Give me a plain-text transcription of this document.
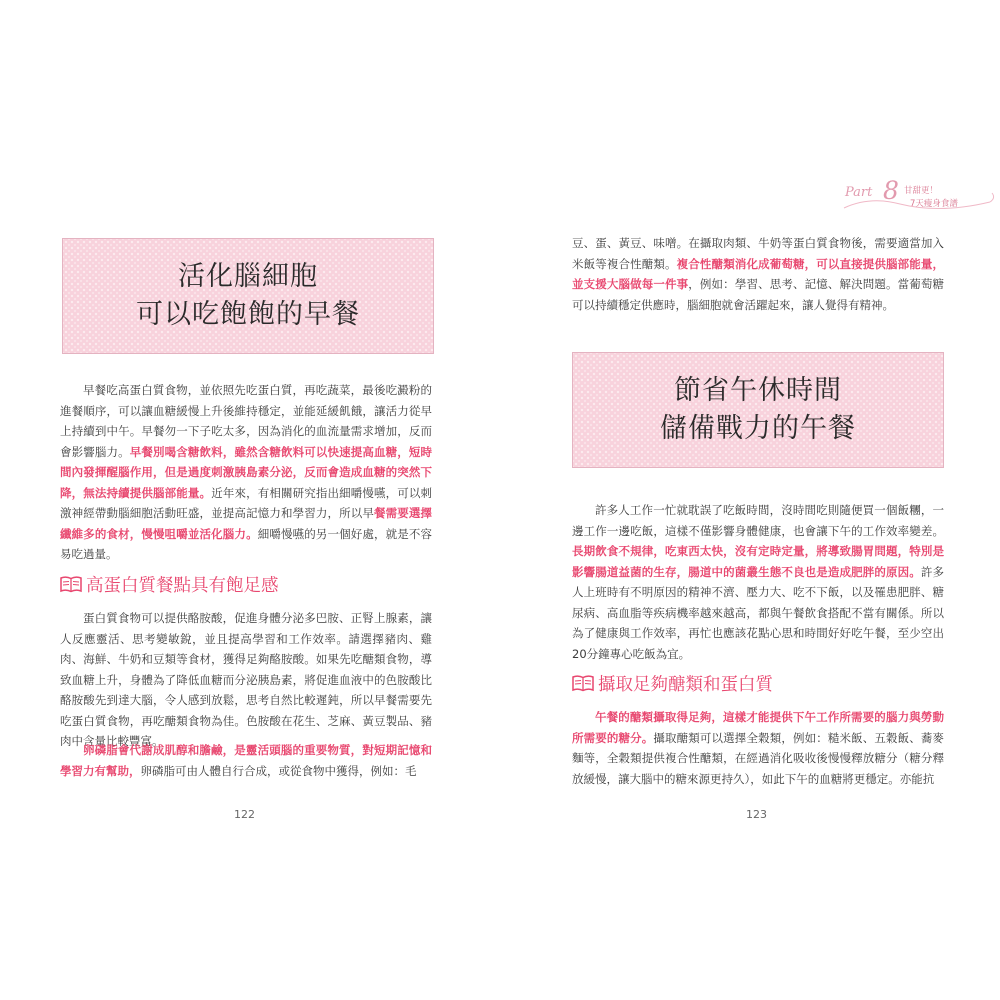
活化腦細胞
可以吃飽飽的早餐
早餐吃高蛋白質食物，並依照先吃蛋白質，再吃蔬菜，最後吃澱粉的進餐順序，可以讓血糖緩慢上升後維持穩定，並能延緩飢餓，讓活力從早上持續到中午。早餐勿一下子吃太多，因為消化的血流量需求增加，反而會影響腦力。早餐別喝含糖飲料，雖然含糖飲料可以快速提高血糖，短時間內發揮醒腦作用，但是過度刺激胰島素分泌，反而會造成血糖的突然下降，無法持續提供腦部能量。近年來，有相關研究指出細嚼慢嚥，可以刺激神經帶動腦細胞活動旺盛，並提高記憶力和學習力，所以早餐需要選擇纖維多的食材，慢慢咀嚼並活化腦力。細嚼慢嚥的另一個好處，就是不容易吃過量。
高蛋白質餐點具有飽足感
蛋白質食物可以提供酪胺酸，促進身體分泌多巴胺、正腎上腺素，讓人反應靈活、思考變敏銳，並且提高學習和工作效率。請選擇豬肉、雞肉、海鮮、牛奶和豆類等食材，獲得足夠酪胺酸。如果先吃醣類食物，導致血糖上升，身體為了降低血糖而分泌胰島素，將促進血液中的色胺酸比酪胺酸先到達大腦，令人感到放鬆，思考自然比較遲鈍，所以早餐需要先吃蛋白質食物，再吃醣類食物為佳。色胺酸在花生、芝麻、黃豆製品、豬肉中含量比較豐富。
卵磷脂會代謝成肌醇和膽鹼，是靈活頭腦的重要物質，對短期記憶和學習力有幫助，卵磷脂可由人體自行合成，或從食物中獲得，例如：毛
122
Part 8 甘甜更！
7天瘦身食譜
豆、蛋、黃豆、味噌。在攝取肉類、牛奶等蛋白質食物後，需要適當加入米飯等複合性醣類。複合性醣類消化成葡萄糖，可以直接提供腦部能量，並支援大腦做每一件事，例如：學習、思考、記憶、解決問題。當葡萄糖可以持續穩定供應時，腦細胞就會活躍起來，讓人覺得有精神。
節省午休時間
儲備戰力的午餐
許多人工作一忙就耽誤了吃飯時間，沒時間吃則隨便買一個飯糰，一邊工作一邊吃飯，這樣不僅影響身體健康，也會讓下午的工作效率變差。長期飲食不規律，吃東西太快，沒有定時定量，將導致腸胃問題，特別是影響腸道益菌的生存，腸道中的菌叢生態不良也是造成肥胖的原因。許多人上班時有不明原因的精神不濟、壓力大、吃不下飯，以及罹患肥胖、糖尿病、高血脂等疾病機率越來越高，都與午餐飲食搭配不當有關係。所以為了健康與工作效率，再忙也應該花點心思和時間好好吃午餐，至少空出20分鐘專心吃飯為宜。
攝取足夠醣類和蛋白質
午餐的醣類攝取得足夠，這樣才能提供下午工作所需要的腦力與勞動所需要的糖分。攝取醣類可以選擇全穀類，例如：糙米飯、五穀飯、蕎麥麵等，全穀類提供複合性醣類，在經過消化吸收後慢慢釋放糖分（糖分釋放緩慢，讓大腦中的糖來源更持久），如此下午的血糖將更穩定。亦能抗
123
